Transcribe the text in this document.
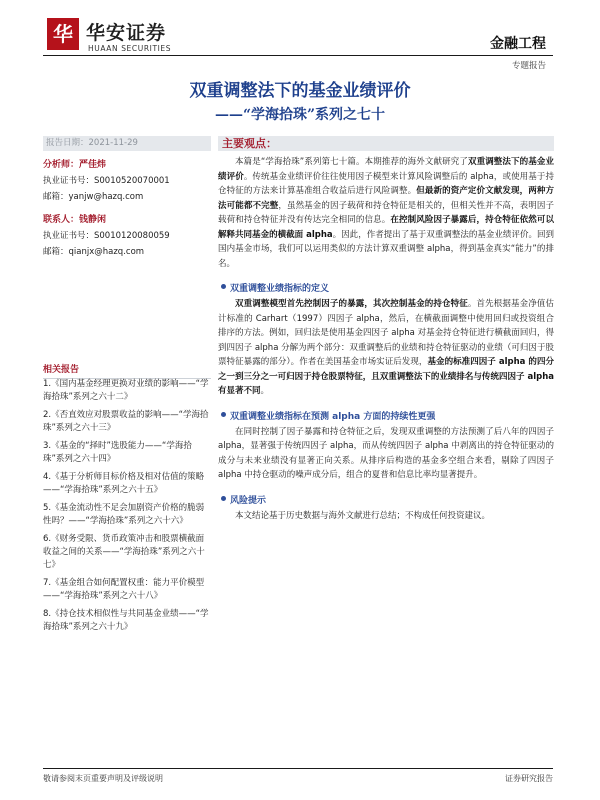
华 华安证券
HUAAN SECURITIES	金融工程
专题报告
双重调整法下的基金业绩评价
——“学海拾珠”系列之七十
报告日期：2021-11-29
分析师：严佳炜
执业证书号：S0010520070001
邮箱：yanjw@hazq.com
联系人：钱静闲
执业证书号：S0010120080059
邮箱：qianjx@hazq.com
相关报告
1.《国内基金经理更换对业绩的影响——“学海拾珠”系列之六十二》
2.《否直效应对股票收益的影响——“学海拾珠”系列之六十三》
3.《基金的“择时”选股能力——“学海拾珠”系列之六十四》
4.《基于分析师目标价格及相对估值的策略——“学海拾珠”系列之六十五》
5.《基金流动性不足会加剧资产价格的脆弱性吗？——“学海拾珠”系列之六十六》
6.《财务受限、货币政策冲击和股票横截面收益之间的关系——“学海拾珠”系列之六十七》
7.《基金组合如何配置权重：能力平价模型——“学海拾珠”系列之六十八》
8.《持仓技术相似性与共同基金业绩——“学海拾珠”系列之六十九》
主要观点：

本篇是“学海拾珠”系列第七十篇。本期推荐的海外文献研究了双重调整法下的基金业绩评价。传统基金业绩评价往往使用因子模型来计算风险调整后的 alpha，或使用基于持仓特征的方法来计算基准组合收益后进行风险调整。但最新的资产定价文献发现，两种方法可能都不完整，虽然基金的因子载荷和持仓特征是相关的，但相关性并不高，表明因子载荷和持仓特征并没有传达完全相同的信息。在控制风险因子暴露后，持仓特征依然可以解释共同基金的横截面 alpha。因此，作者提出了基于双重调整法的基金业绩评价。回到国内基金市场，我们可以运用类似的方法计算双重调整 alpha，得到基金真实“能力”的排名。

双重调整业绩指标的定义

双重调整模型首先控制因子的暴露，其次控制基金的持仓特征。首先根据基金净值估计标准的 Carhart（1997）四因子 alpha，然后，在横截面调整中使用回归或投资组合排序的方法。例如，回归法是使用基金四因子 alpha 对基金持仓特征进行横截面回归，得到四因子 alpha 分解为两个部分：双重调整后的业绩和持仓特征驱动的业绩（可归因于股票特征暴露的部分）。作者在美国基金市场实证后发现，基金的标准四因子 alpha 的四分之一到三分之一可归因于持仓股票特征，且双重调整法下的业绩排名与传统四因子 alpha 有显著不同。

双重调整业绩指标在预测 alpha 方面的持续性更强

在同时控制了因子暴露和持仓特征之后，发现双重调整的方法预测了后八年的四因子 alpha，显著强于传统四因子 alpha，而从传统四因子 alpha 中剥离出的持仓特征驱动的成分与未来业绩没有显著正向关系。从排序后构造的基金多空组合来看，剔除了四因子 alpha 中持仓驱动的噪声成分后，组合的夏普和信息比率均显著提升。

风险提示

本文结论基于历史数据与海外文献进行总结；不构成任何投资建议。

敬请参阅末页重要声明及评级说明	证券研究报告
